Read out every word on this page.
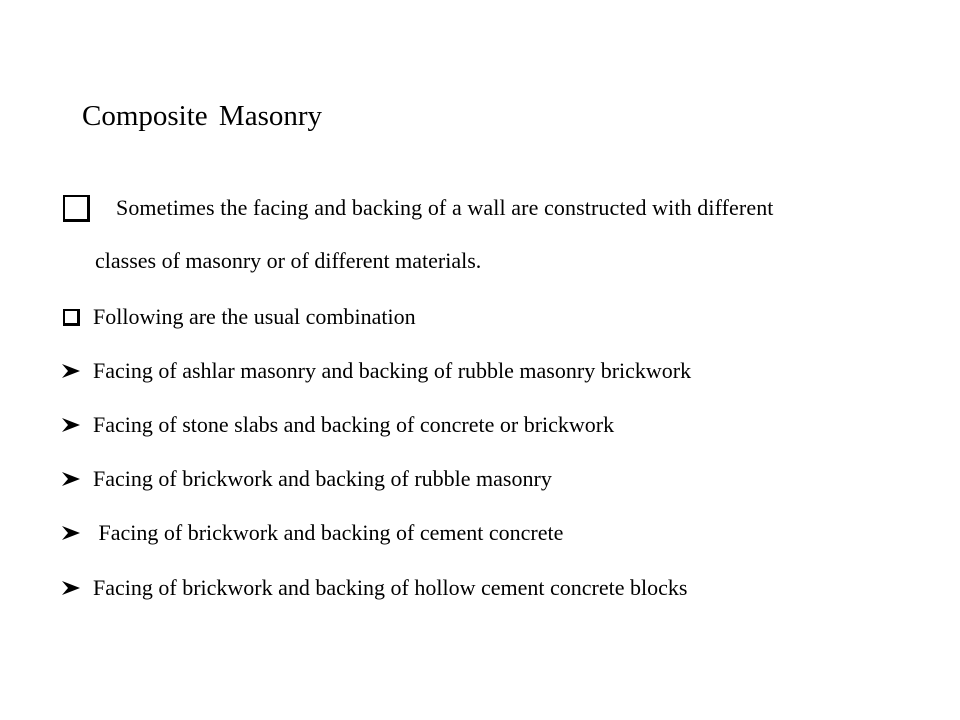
Composite Masonry
Sometimes the facing and backing of a wall are constructed with different
classes of masonry or of different materials.
Following are the usual combination
Facing of ashlar masonry and backing of rubble masonry brickwork
Facing of stone slabs and backing of concrete or brickwork
Facing of brickwork and backing of rubble masonry
Facing of brickwork and backing of cement concrete
Facing of brickwork and backing of hollow cement concrete blocks
